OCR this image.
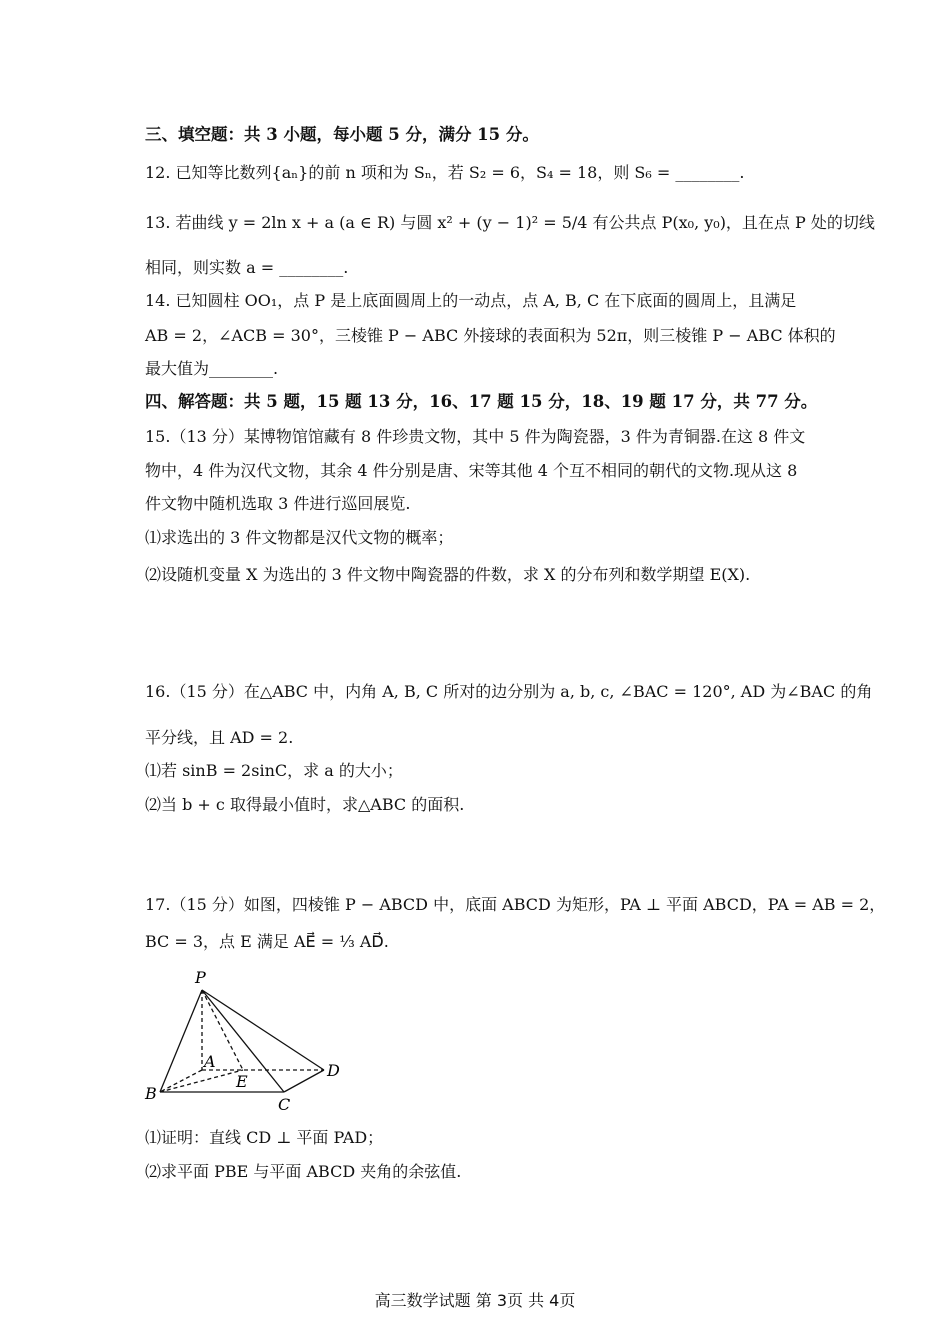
三、填空题：共 3 小题，每小题 5 分，满分 15 分。
12. 已知等比数列{aₙ}的前 n 项和为 Sₙ，若 S₂ = 6，S₄ = 18，则 S₆ = ________.
13. 若曲线 y = 2ln x + a (a ∈ R) 与圆 x² + (y − 1)² = 5/4 有公共点 P(x₀, y₀)，且在点 P 处的切线
相同，则实数 a = ________.
14. 已知圆柱 OO₁，点 P 是上底面圆周上的一动点，点 A, B, C 在下底面的圆周上，且满足
AB = 2，∠ACB = 30°，三棱锥 P − ABC 外接球的表面积为 52π，则三棱锥 P − ABC 体积的
最大值为________.
四、解答题：共 5 题，15 题 13 分，16、17 题 15 分，18、19 题 17 分，共 77 分。
15.（13 分）某博物馆馆藏有 8 件珍贵文物，其中 5 件为陶瓷器，3 件为青铜器.在这 8 件文
物中，4 件为汉代文物，其余 4 件分别是唐、宋等其他 4 个互不相同的朝代的文物.现从这 8
件文物中随机选取 3 件进行巡回展览.
⑴求选出的 3 件文物都是汉代文物的概率；
⑵设随机变量 X 为选出的 3 件文物中陶瓷器的件数，求 X 的分布列和数学期望 E(X).
16.（15 分）在△ABC 中，内角 A, B, C 所对的边分别为 a, b, c, ∠BAC = 120°, AD 为∠BAC 的角
平分线，且 AD = 2.
⑴若 sinB = 2sinC，求 a 的大小；
⑵当 b + c 取得最小值时，求△ABC 的面积.
17.（15 分）如图，四棱锥 P − ABCD 中，底面 ABCD 为矩形，PA ⊥ 平面 ABCD，PA = AB = 2，
BC = 3，点 E 满足 AE⃗ = ⅓ AD⃗.
P
A
E
D
B
C
⑴证明：直线 CD ⊥ 平面 PAD；
⑵求平面 PBE 与平面 ABCD 夹角的余弦值.
高三数学试题 第 3页 共 4页
